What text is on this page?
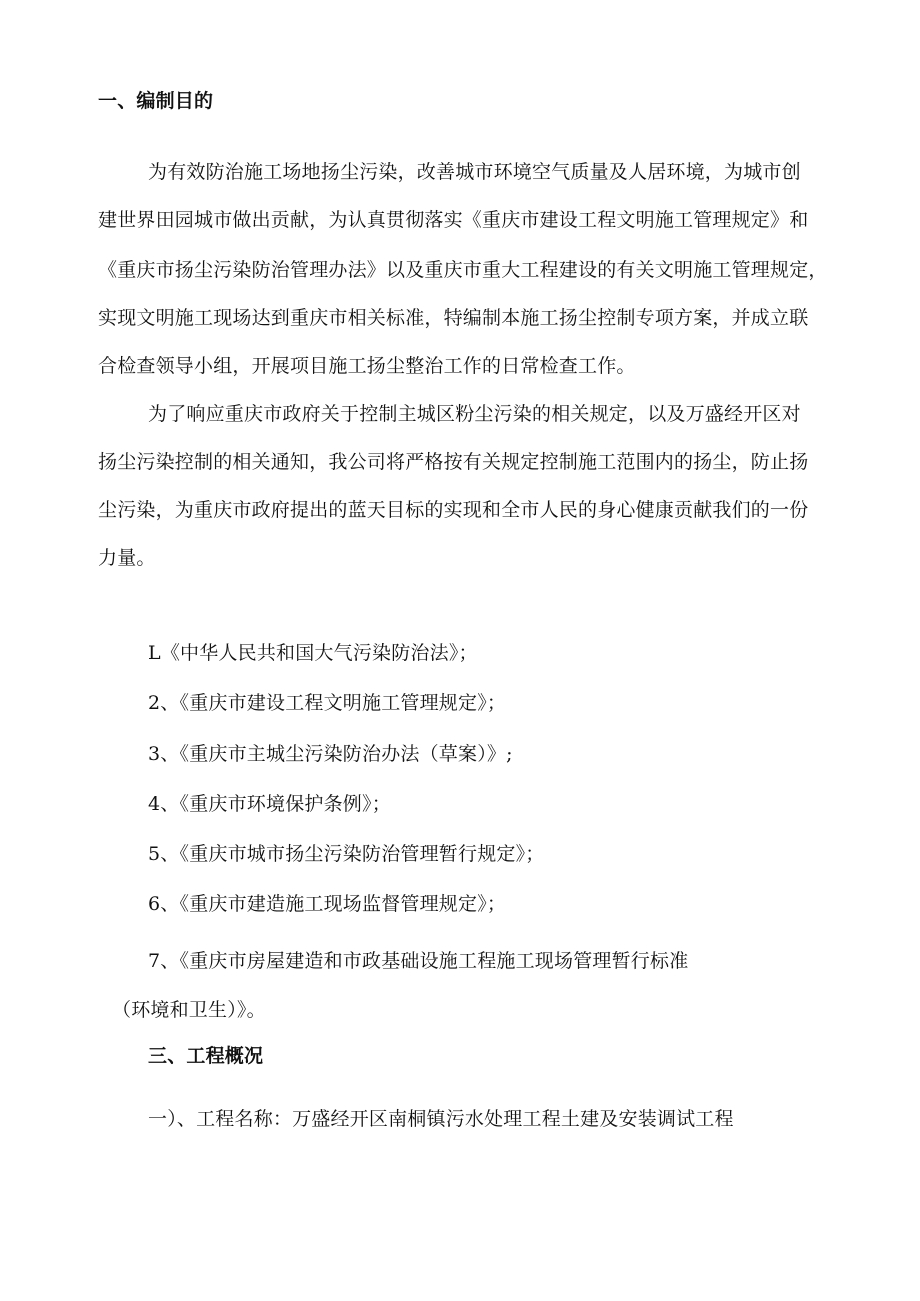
一、编制目的
为有效防治施工场地扬尘污染，改善城市环境空气质量及人居环境，为城市创
建世界田园城市做出贡献，为认真贯彻落实《重庆市建设工程文明施工管理规定》和
《重庆市扬尘污染防治管理办法》以及重庆市重大工程建设的有关文明施工管理规定，
实现文明施工现场达到重庆市相关标准，特编制本施工扬尘控制专项方案，并成立联
合检查领导小组，开展项目施工扬尘整治工作的日常检查工作。
为了响应重庆市政府关于控制主城区粉尘污染的相关规定，以及万盛经开区对
扬尘污染控制的相关通知，我公司将严格按有关规定控制施工范围内的扬尘，防止扬
尘污染，为重庆市政府提出的蓝天目标的实现和全市人民的身心健康贡献我们的一份
力量。
L《中华人民共和国大气污染防治法》；
2、《重庆市建设工程文明施工管理规定》；
3、《重庆市主城尘污染防治办法（草案）》;
4、《重庆市环境保护条例》；
5、《重庆市城市扬尘污染防治管理暂行规定》；
6、《重庆市建造施工现场监督管理规定》；
7、《重庆市房屋建造和市政基础设施工程施工现场管理暂行标准
（环境和卫生）》。
三、工程概况
一）、工程名称：万盛经开区南桐镇污水处理工程土建及安装调试工程
